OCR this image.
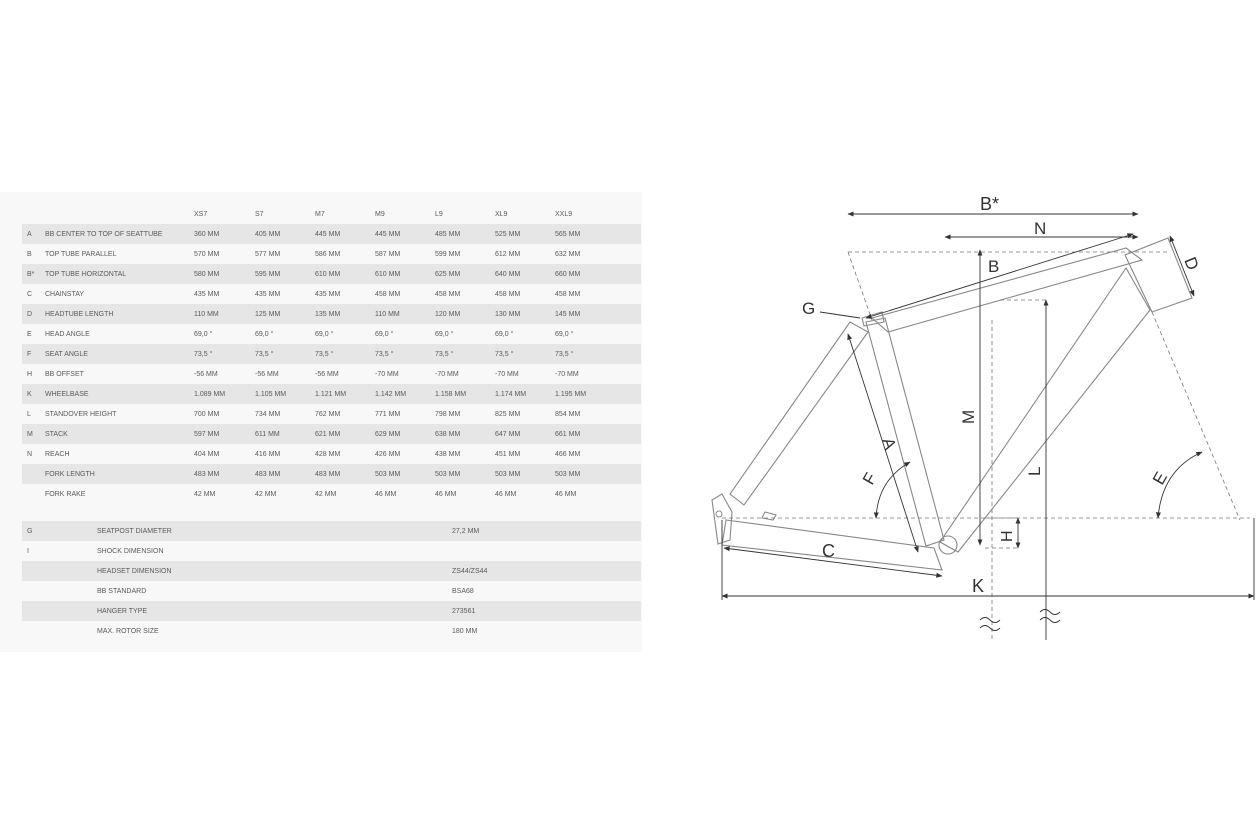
		XS7	S7	M7	M9	L9	XL9	XXL9
A	BB CENTER TO TOP OF SEATTUBE	360 MM	405 MM	445 MM	445 MM	485 MM	525 MM	565 MM
B	TOP TUBE PARALLEL	570 MM	577 MM	586 MM	587 MM	599 MM	612 MM	632 MM
B*	TOP TUBE HORIZONTAL	580 MM	595 MM	610 MM	610 MM	625 MM	640 MM	660 MM
C	CHAINSTAY	435 MM	435 MM	435 MM	458 MM	458 MM	458 MM	458 MM
D	HEADTUBE LENGTH	110 MM	125 MM	135 MM	110 MM	120 MM	130 MM	145 MM
E	HEAD ANGLE	69,0 °	69,0 °	69,0 °	69,0 °	69,0 °	69,0 °	69,0 °
F	SEAT ANGLE	73,5 °	73,5 °	73,5 °	73,5 °	73,5 °	73,5 °	73,5 °
H	BB OFFSET	-56 MM	-56 MM	-56 MM	-70 MM	-70 MM	-70 MM	-70 MM
K	WHEELBASE	1.089 MM	1.105 MM	1.121 MM	1.142 MM	1.158 MM	1.174 MM	1.195 MM
L	STANDOVER HEIGHT	700 MM	734 MM	762 MM	771 MM	798 MM	825 MM	854 MM
M	STACK	597 MM	611 MM	621 MM	629 MM	638 MM	647 MM	661 MM
N	REACH	404 MM	416 MM	428 MM	426 MM	438 MM	451 MM	466 MM
	FORK LENGTH	483 MM	483 MM	483 MM	503 MM	503 MM	503 MM	503 MM
	FORK RAKE	42 MM	42 MM	42 MM	46 MM	46 MM	46 MM	46 MM
G	SEATPOST DIAMETER	27,2 MM
I	SHOCK DIMENSION	
	HEADSET DIMENSION	ZS44/ZS44
	BB STANDARD	BSA68
	HANGER TYPE	273561
	MAX. ROTOR SIZE	180 MM
B*
N
B	D
G
M
A
F	L	E
H
C
K
